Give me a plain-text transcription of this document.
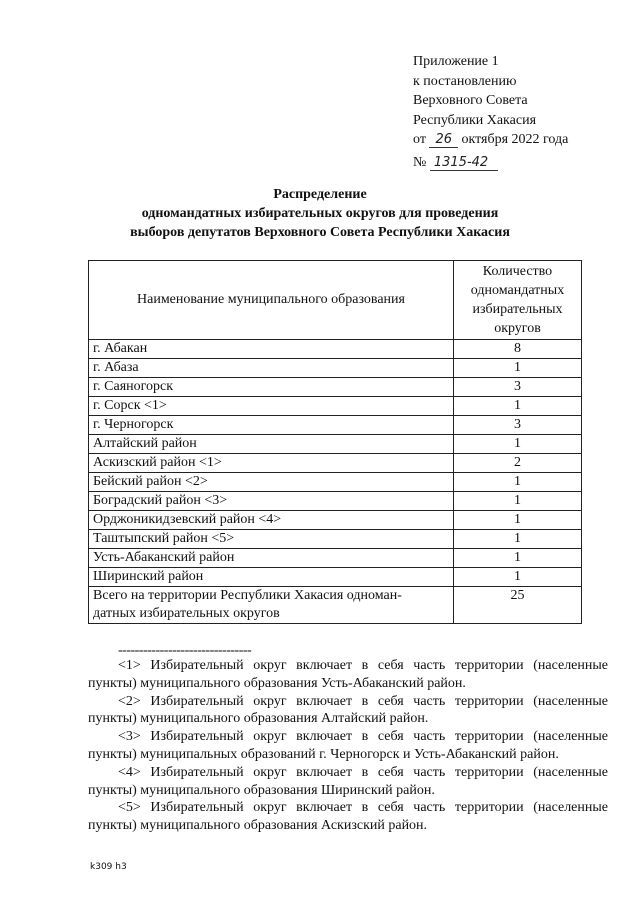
Приложение 1
к постановлению
Верховного Совета
Республики Хакасия
от 26 октября 2022 года
№ 1315-42
Распределение
одномандатных избирательных округов для проведения
выборов депутатов Верховного Совета Республики Хакасия
Наименование муниципального образования	Количество
одномандатных
избирательных
округов

г. Абакан	8
г. Абаза	1
г. Саяногорск	3
г. Сорск <1>	1
г. Черногорск	3
Алтайский район	1
Аскизский район <1>	2
Бейский район <2>	1
Боградский район <3>	1
Орджоникидзевский район <4>	1
Таштыпский район <5>	1
Усть-Абаканский район	1
Ширинский район	1

Всего на территории Республики Хакасия одноман-
датных избирательных округов	25
--------------------------------

<1> Избирательный округ включает в себя часть территории (населенные пункты) муниципального образования Усть-Абаканский район.

<2> Избирательный округ включает в себя часть территории (населенные пункты) муниципального образования Алтайский район.

<3> Избирательный округ включает в себя часть территории (населенные пункты) муниципальных образований г. Черногорск и Усть-Абаканский район.

<4> Избирательный округ включает в себя часть территории (населенные пункты) муниципального образования Ширинский район.

<5> Избирательный округ включает в себя часть территории (населенные пункты) муниципального образования Аскизский район.

k309 h3
